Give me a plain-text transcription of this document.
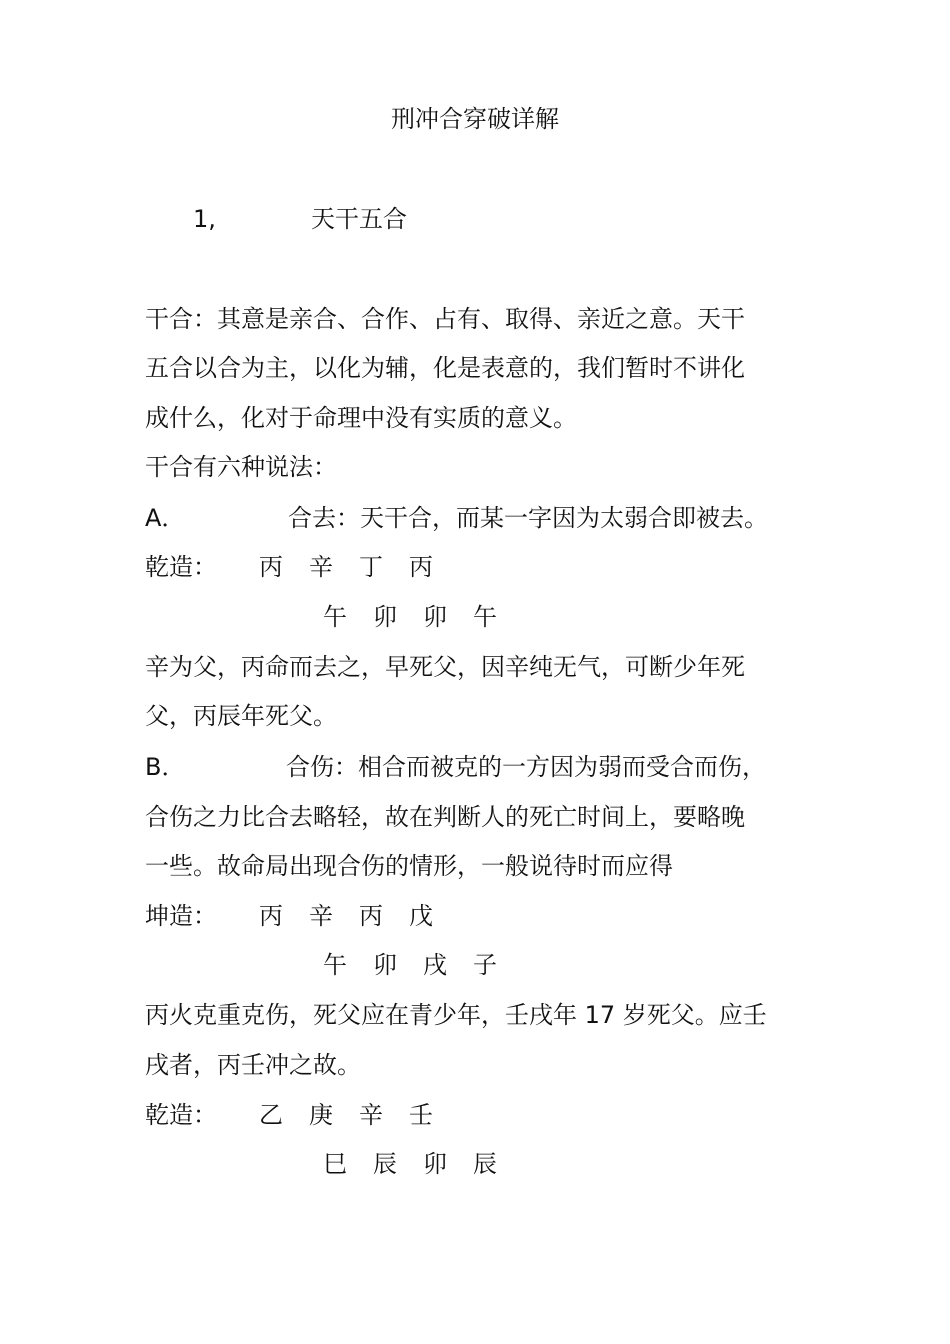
刑冲合穿破详解
1,	天干五合
干合：其意是亲合、合作、占有、取得、亲近之意。天干
五合以合为主，以化为辅，化是表意的，我们暂时不讲化
成什么，化对于命理中没有实质的意义。
干合有六种说法：
A．	合去：天干合，而某一字因为太弱合即被去。
乾造：	丙 辛 丁 丙
午 卯 卯 午
辛为父，丙命而去之，早死父，因辛纯无气，可断少年死
父，丙辰年死父。
B．	合伤：相合而被克的一方因为弱而受合而伤，
合伤之力比合去略轻，故在判断人的死亡时间上，要略晚
一些。故命局出现合伤的情形，一般说待时而应得
坤造：	丙 辛 丙 戊
午 卯 戌 子
丙火克重克伤，死父应在青少年，壬戌年 17 岁死父。应壬
戌者，丙壬冲之故。
乾造：	乙 庚 辛 壬
巳 辰 卯 辰
